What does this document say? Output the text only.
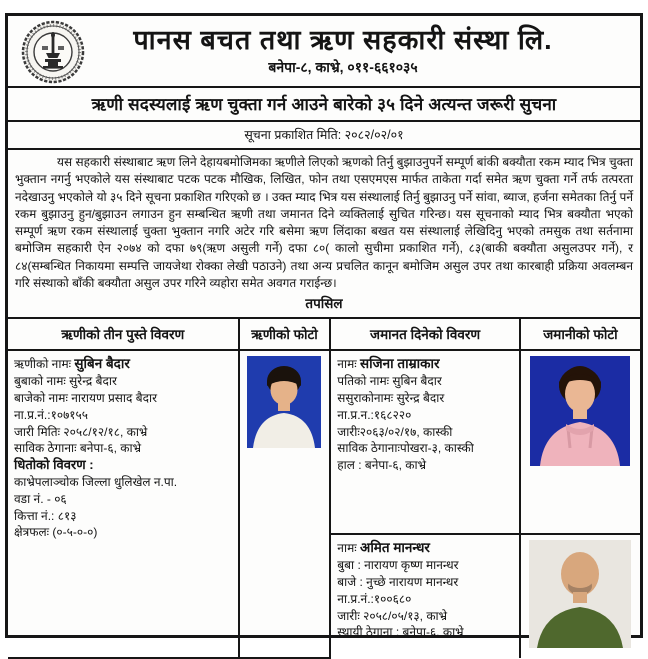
पानस बचत तथा ऋण सहकारी संस्था लि.
बनेपा-८, काभ्रे, ०११-६६१०३५
ऋणी सदस्यलाई ऋण चुक्ता गर्न आउने बारेको ३५ दिने अत्यन्त जरूरी सुचना
सूचना प्रकाशित मिति: २०८२/०२/०१
यस सहकारी संस्थाबाट ऋण लिने देहायबमोजिमका ऋणीले लिएको ऋणको तिर्नु बुझाउनुपर्ने सम्पूर्ण बांकी बक्यौता रकम म्याद भित्र चुक्ता भुक्तान नगर्नु भएकोले यस संस्थाबाट पटक पटक मौखिक, लिखित, फोन तथा एसएमएस मार्फत ताकेता गर्दा समेत ऋण चुक्ता गर्ने तर्फ तत्परता नदेखाउनु भएकोले यो ३५ दिने सूचना प्रकाशित गरिएको छ । उक्त म्याद भित्र यस संस्थालाई तिर्नु बुझाउनु पर्ने सांवा, ब्याज, हर्जना समेतका तिर्नु पर्ने रकम बुझाउनु हुन/बुझाउन लगाउन हुन सम्बन्धित ऋणी तथा जमानत दिने व्यक्तिलाई सुचित गरिन्छ। यस सूचनाको म्याद भित्र बक्यौता भएको सम्पूर्ण ऋण रकम संस्थालाई चुक्ता भुक्तान नगरि अटेर गरि बसेमा ऋण लिंदाका बखत यस संस्थालाई लेखिदिनु भएको तमसुक तथा सर्तनामा बमोजिम सहकारी ऐन २०७४ को दफा ७९(ऋण असुली गर्ने) दफा ८०( कालो सुचीमा प्रकाशित गर्ने), ८३(बाकी बक्यौता असुलउपर गर्ने), र ८४(सम्बन्धित निकायमा सम्पत्ति जायजेथा रोक्का लेखी पठाउने) तथा अन्य प्रचलित कानून बमोजिम असुल उपर तथा कारबाही प्रक्रिया अवलम्बन गरि संस्थाको बाँकी बक्यौता असुल उपर गरिने व्यहोरा समेत अवगत गराईन्छ।
तपसिल
ऋणीको तीन पुस्ते विवरण	ऋणीको फोटो	जमानत दिनेको विवरण	जमानीको फोटो

ऋणीको नामः सुबिन बैदार
बुबाको नामः सुरेन्द्र बैदार
बाजेको नामः नारायण प्रसाद बैदार
ना.प्र.नं.:१०७१५५
जारी मितिः २०५८/१२/१८, काभ्रे
साविक ठेगानाः बनेपा-६, काभ्रे
धितोको विवरण :
काभ्रेपलाञ्चोक जिल्ला धुलिखेल न.पा.
वडा नं. - ०६
कित्ता नं.: ८१३
क्षेत्रफलः (०-५-०-०)

नामः सजिना ताम्राकार
पतिको नामः सुबिन बैदार
ससुराकोनामः सुरेन्द्र बैदार
ना.प्र.न.:१६८२२०
जारीः२०६३/०२/१७, कास्की
साविक ठेगानाःपोखरा-३, कास्की
हाल : बनेपा-६, काभ्रे

नामः अमित मानन्धर
बुबा : नारायण कृष्ण मानन्धर
बाजे : नुच्छे नारायण मानन्धर
ना.प्र.नं.:१००६८०
जारीः २०५८/०५/१३, काभ्रे
स्थायी ठेगाना : बनेपा-६, काभ्रे
